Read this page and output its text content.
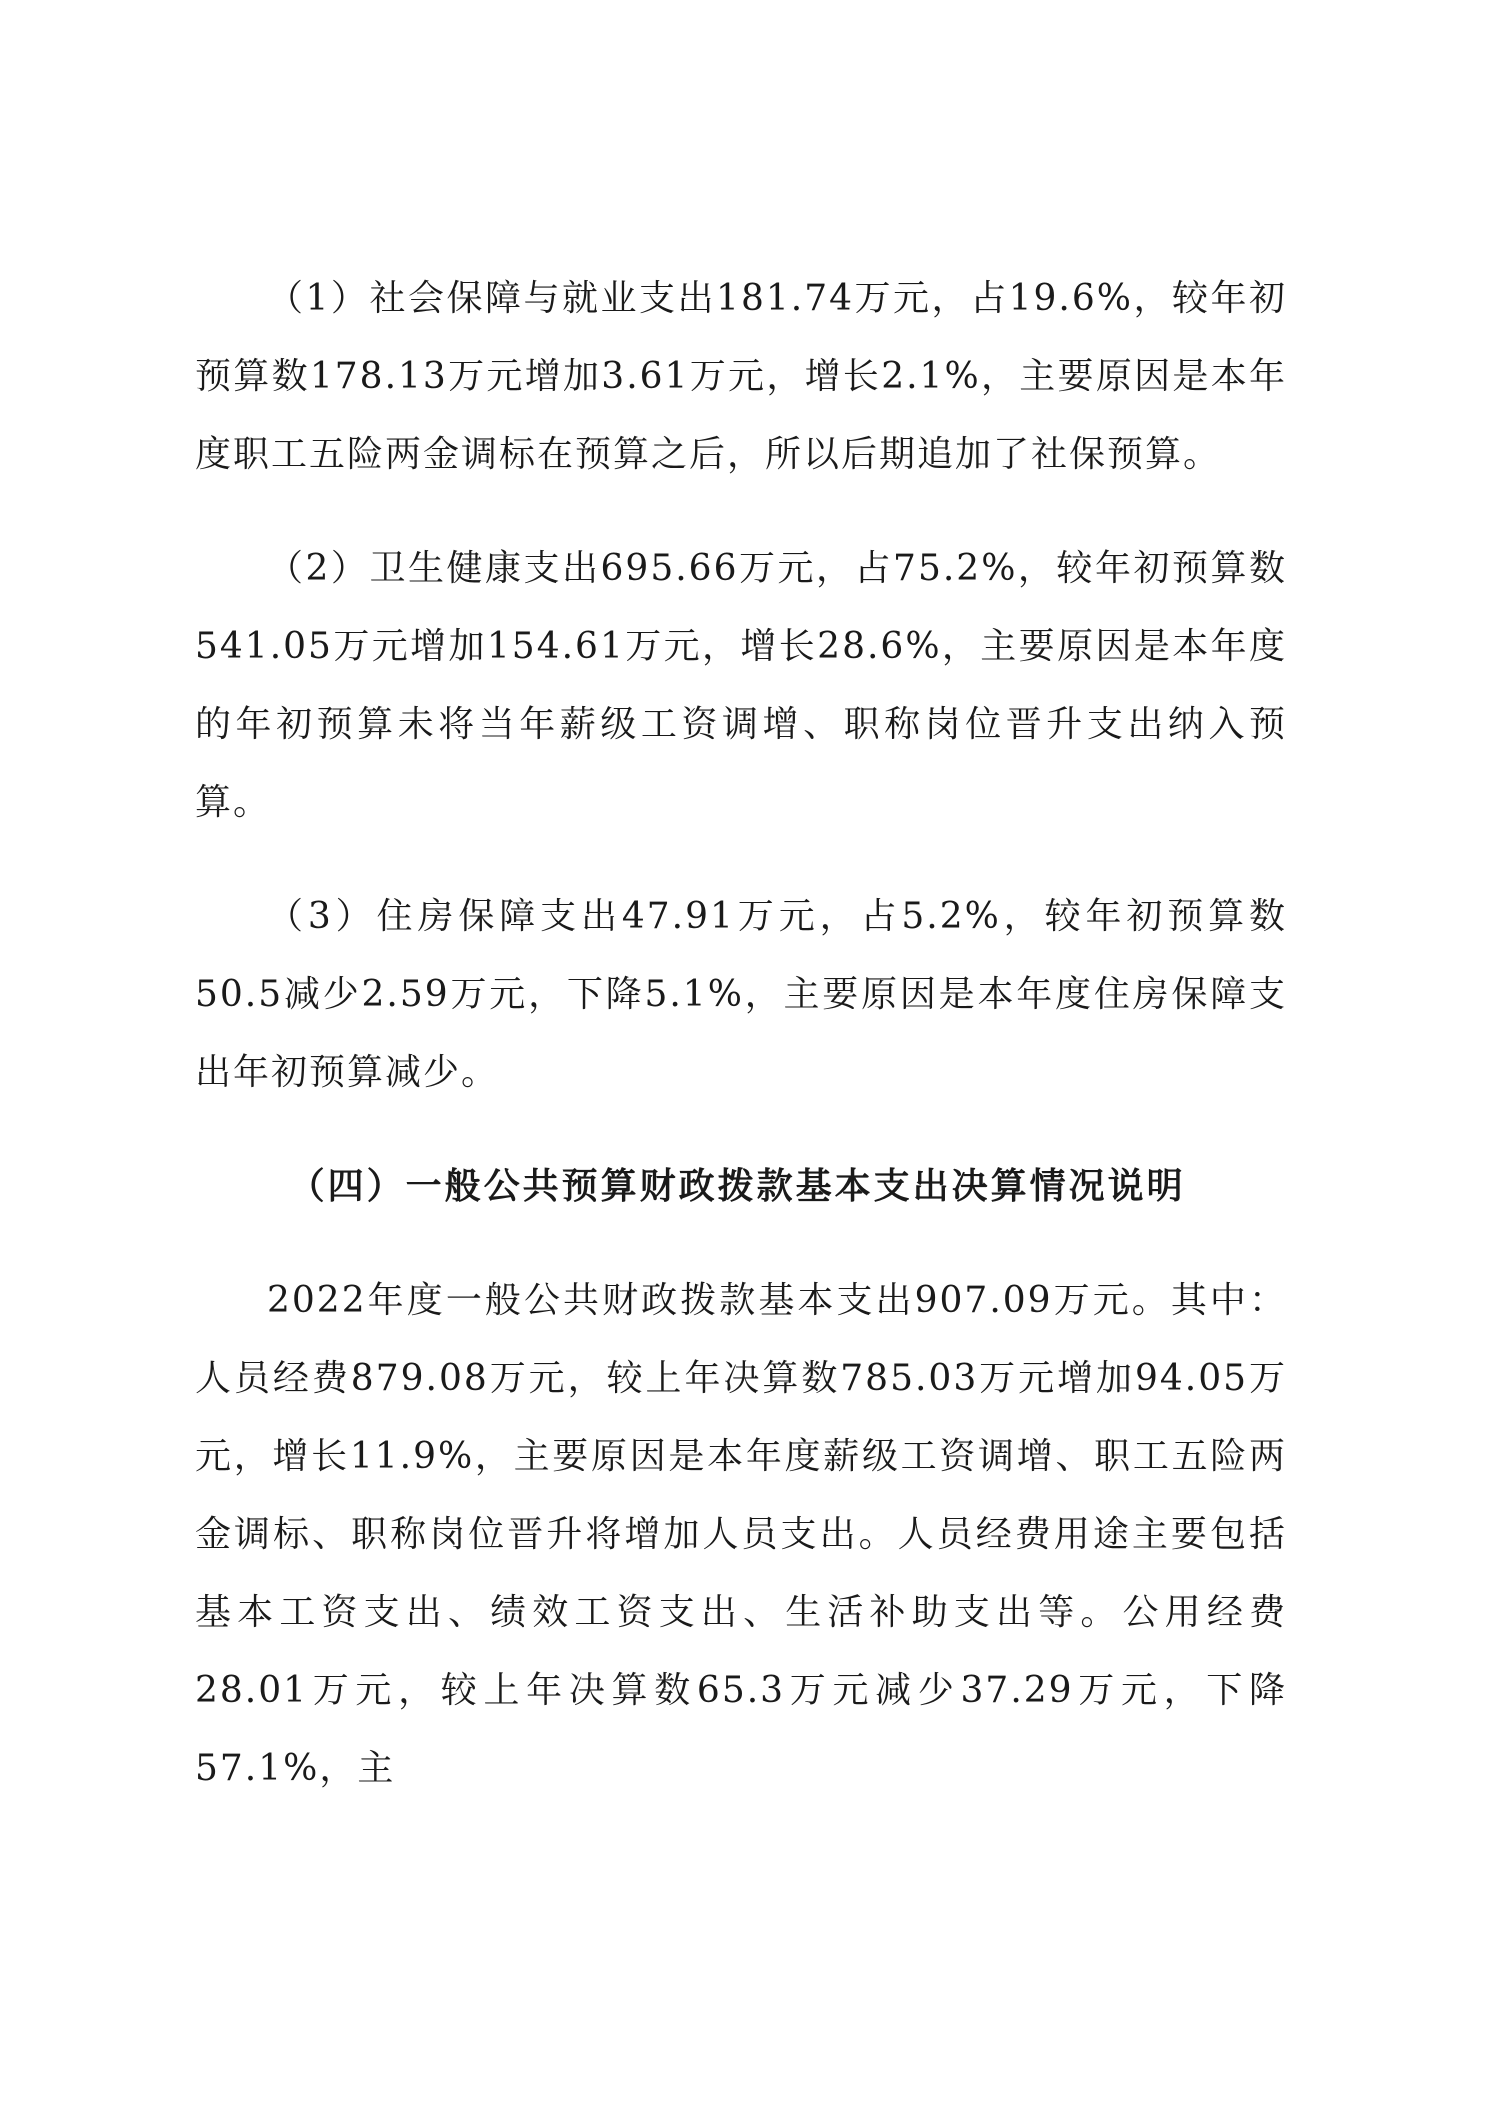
（1）社会保障与就业支出181.74万元，占19.6%，较年初预算数178.13万元增加3.61万元，增长2.1%，主要原因是本年度职工五险两金调标在预算之后，所以后期追加了社保预算。

（2）卫生健康支出695.66万元，占75.2%，较年初预算数541.05万元增加154.61万元，增长28.6%，主要原因是本年度的年初预算未将当年薪级工资调增、职称岗位晋升支出纳入预算。

（3）住房保障支出47.91万元，占5.2%，较年初预算数50.5减少2.59万元，下降5.1%，主要原因是本年度住房保障支出年初预算减少。

（四）一般公共预算财政拨款基本支出决算情况说明

2022年度一般公共财政拨款基本支出907.09万元。其中：人员经费879.08万元，较上年决算数785.03万元增加94.05万元，增长11.9%，主要原因是本年度薪级工资调增、职工五险两金调标、职称岗位晋升将增加人员支出。人员经费用途主要包括基本工资支出、绩效工资支出、生活补助支出等。公用经费28.01万元，较上年决算数65.3万元减少37.29万元，下降57.1%，主
